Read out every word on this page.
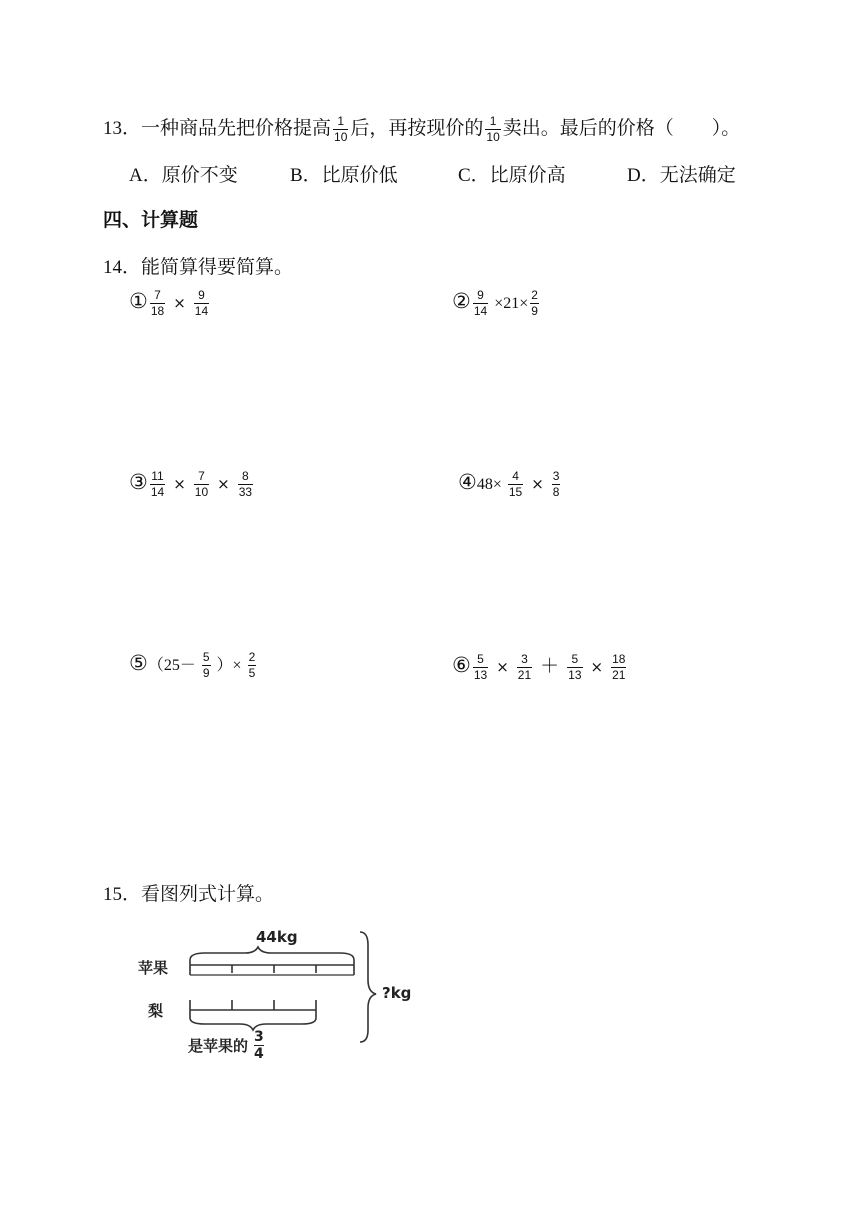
13．一种商品先把价格提高 $\frac{1}{10}$ 后，再按现价的 $\frac{1}{10}$ 卖出。最后的价格（　　）。
A．原价不变	B．比原价低	C．比原价高	D．无法确定
四、计算题
14．能简算得要简算。
① $\frac{7}{18} \times \frac{9}{14}$	② $\frac{9}{14} \times 21\times \frac{2}{9}$
③ $\frac{11}{14} \times \frac{7}{10} \times \frac{8}{33}$	④48× $\frac{4}{15} \times \frac{3}{8}$
⑤（25－ $\frac{5}{9}$ ）× $\frac{2}{5}$	⑥ $\frac{5}{13} \times \frac{3}{21} + \frac{5}{13} \times \frac{18}{21}$
15．看图列式计算。
44kg
苹果
梨
?kg
是苹果的
3
4
